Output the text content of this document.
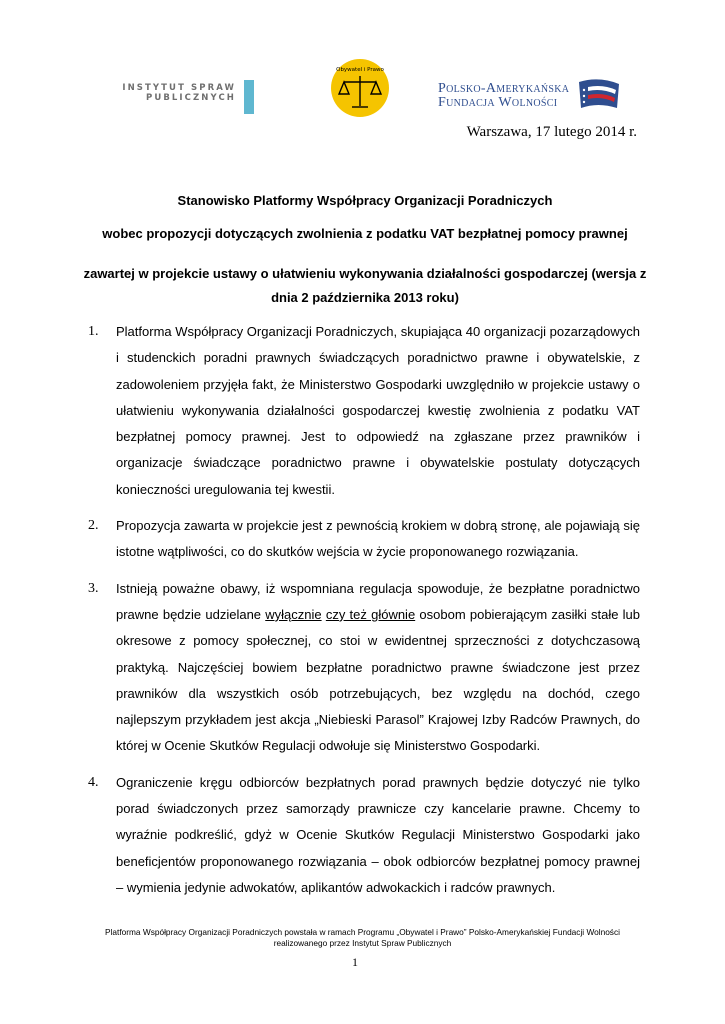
INSTYTUT SPRAW
PUBLICZNYCH
Obywatel i Prawo
Polsko-Amerykańska
Fundacja Wolności
Warszawa, 17 lutego 2014 r.
Stanowisko Platformy Współpracy Organizacji Poradniczych
wobec propozycji dotyczących zwolnienia z podatku VAT bezpłatnej pomocy prawnej
zawartej w projekcie ustawy o ułatwieniu wykonywania działalności gospodarczej (wersja z dnia 2 października 2013 roku)
1. Platforma Współpracy Organizacji Poradniczych, skupiająca 40 organizacji pozarządowych i studenckich poradni prawnych świadczących poradnictwo prawne i obywatelskie, z zadowoleniem przyjęła fakt, że Ministerstwo Gospodarki uwzględniło w projekcie ustawy o ułatwieniu wykonywania działalności gospodarczej kwestię zwolnienia z podatku VAT bezpłatnej pomocy prawnej. Jest to odpowiedź na zgłaszane przez prawników i organizacje świadczące poradnictwo prawne i obywatelskie postulaty dotyczących konieczności uregulowania tej kwestii.

2. Propozycja zawarta w projekcie jest z pewnością krokiem w dobrą stronę, ale pojawiają się istotne wątpliwości, co do skutków wejścia w życie proponowanego rozwiązania.

3. Istnieją poważne obawy, iż wspomniana regulacja spowoduje, że bezpłatne poradnictwo prawne będzie udzielane wyłącznie czy też głównie osobom pobierającym zasiłki stałe lub okresowe z pomocy społecznej, co stoi w ewidentnej sprzeczności z dotychczasową praktyką. Najczęściej bowiem bezpłatne poradnictwo prawne świadczone jest przez prawników dla wszystkich osób potrzebujących, bez względu na dochód, czego najlepszym przykładem jest akcja „Niebieski Parasol” Krajowej Izby Radców Prawnych, do której w Ocenie Skutków Regulacji odwołuje się Ministerstwo Gospodarki.

4. Ograniczenie kręgu odbiorców bezpłatnych porad prawnych będzie dotyczyć nie tylko porad świadczonych przez samorządy prawnicze czy kancelarie prawne. Chcemy to wyraźnie podkreślić, gdyż w Ocenie Skutków Regulacji Ministerstwo Gospodarki jako beneficjentów proponowanego rozwiązania – obok odbiorców bezpłatnej pomocy prawnej – wymienia jedynie adwokatów, aplikantów adwokackich i radców prawnych.

Platforma Współpracy Organizacji Poradniczych powstała w ramach Programu „Obywatel i Prawo” Polsko-Amerykańskiej Fundacji Wolności
realizowanego przez Instytut Spraw Publicznych
1
